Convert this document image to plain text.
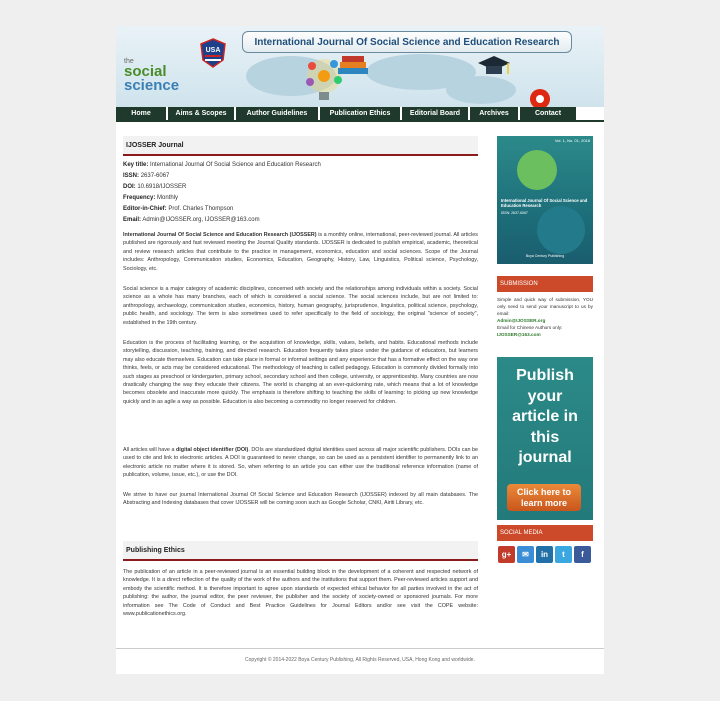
International Journal Of Social Science and Education Research
USA
the
social
science
Home	Aims & Scopes	Author Guidelines	Publication Ethics	Editorial Board	Archives	Contact
IJOSSER Journal
Key title: International Journal Of Social Science and Education Research
ISSN: 2637-6067
DOI: 10.6918/IJOSSER
Frequency: Monthly
Editor-in-Chief: Prof. Charles Thompson
Email: Admin@IJOSSER.org, IJOSSER@163.com
International Journal Of Social Science and Education Research (IJOSSER) is a monthly online, international, peer-reviewed journal. All articles published are rigorously and fast reviewed meeting the Journal Quality standards. IJOSSER is dedicated to publish empirical, academic, theoretical and review research articles that contribute to the practice in management, economics, education and social sciences. Scope of the Journal includes: Anthropology, Communication studies, Economics, Education, Geography, History, Law, Linguistics, Political science, Psychology, Sociology, etc.
Social science is a major category of academic disciplines, concerned with society and the relationships among individuals within a society. Social science as a whole has many branches, each of which is considered a social science. The social sciences include, but are not limited to: anthropology, archaeology, communication studies, economics, history, human geography, jurisprudence, linguistics, political science, psychology, public health, and sociology. The term is also sometimes used to refer specifically to the field of sociology, the original "science of society", established in the 19th century.
Education is the process of facilitating learning, or the acquisition of knowledge, skills, values, beliefs, and habits. Educational methods include storytelling, discussion, teaching, training, and directed research. Education frequently takes place under the guidance of educators, but learners may also educate themselves. Education can take place in formal or informal settings and any experience that has a formative effect on the way one thinks, feels, or acts may be considered educational. The methodology of teaching is called pedagogy. Education is commonly divided formally into such stages as preschool or kindergarten, primary school, secondary school and then college, university, or apprenticeship. Many countries are now drastically changing the way they educate their citizens. The world is changing at an ever-quickening rate, which means that a lot of knowledge becomes obsolete and inaccurate more quickly. The emphasis is therefore shifting to teaching the skills of learning: to picking up new knowledge quickly and in as agile a way as possible. Education is also becoming a commodity no longer reserved for children.
All articles will have a digital object identifier (DOI). DOIs are standardized digital identities used across all major scientific publishers. DOIs can be used to cite and link to electronic articles. A DOI is guaranteed to never change, so can be used as a persistent identifier to permanently link to an electronic article no matter where it is stored. So, when referring to an article you can either use the traditional reference information (name of publication, volume, issue, etc.), or use the DOI.
We strive to have our journal International Journal Of Social Science and Education Research (IJOSSER) indexed by all main databases. The Abstracting and Indexing databases that cover IJOSSER will be coming soon such as Google Scholar, CNKI, Airiti Library, etc.
Publishing Ethics
The publication of an article in a peer-reviewed journal is an essential building block in the development of a coherent and respected network of knowledge. It is a direct reflection of the quality of the work of the authors and the institutions that support them. Peer-reviewed articles support and embody the scientific method. It is therefore important to agree upon standards of expected ethical behavior for all parties involved in the act of publishing: the author, the journal editor, the peer reviewer, the publisher and the society of society-owned or sponsored journals. For more information see The Code of Conduct and Best Practice Guidelines for Journal Editors and/or see visit the COPE website: www.publicationethics.org.
Vol. 1, No. 01, 2018
International Journal Of Social Science and Education Research
ISSN: 2637-6067
Boya Century Publishing
SUBMISSION
Simple and quick way of submission, YOU only need to send your manuscript to us by email:
Admin@IJOSSER.org
Email for Chinese Authors only:
IJOSSER@163.com
Publish
your
article in
this
journal
Click here to learn more
SOCIAL MEDIA
g+	✉	in	t	f
Copyright © 2014-2022 Boya Century Publishing, All Rights Reserved, USA, Hong Kong and worldwide.
